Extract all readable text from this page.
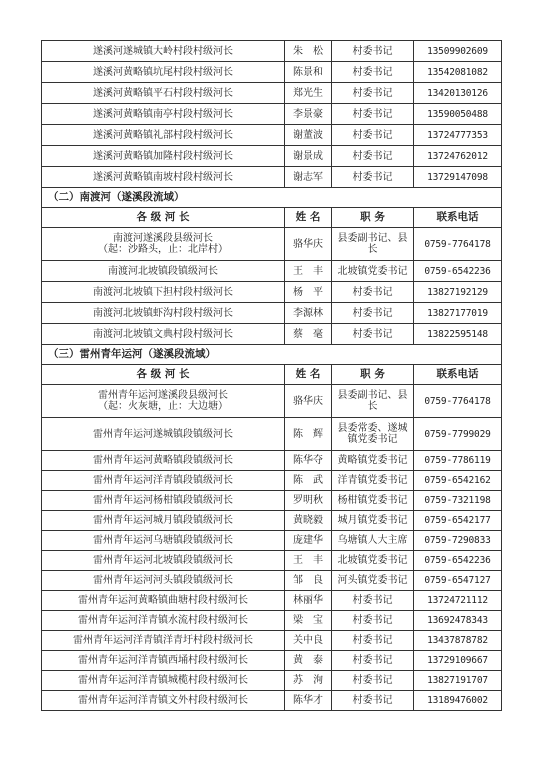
遂溪河遂城镇大岭村段村级河长	朱　松	村委书记	13509902609
遂溪河黄略镇坑尾村段村级河长	陈景和	村委书记	13542081082
遂溪河黄略镇平石村段村级河长	郑光生	村委书记	13420130126
遂溪河黄略镇南亭村段村级河长	李景豪	村委书记	13590050488
遂溪河黄略镇礼部村段村级河长	谢董波	村委书记	13724777353
遂溪河黄略镇加隆村段村级河长	谢景成	村委书记	13724762012
遂溪河黄略镇南坡村段村级河长	谢志军	村委书记	13729147098
（二）南渡河（遂溪段流域）			
各 级 河 长	姓 名	职 务	联系电话
南渡河遂溪段县级河长
（起：沙路头，止：北岸村）	骆华庆	县委副书记、县长	0759-7764178
南渡河北坡镇段镇级河长	王　丰	北坡镇党委书记	0759-6542236
南渡河北坡镇下担村段村级河长	杨　平	村委书记	13827192129
南渡河北坡镇虾沟村段村级河长	李源林	村委书记	13827177019
南渡河北坡镇文典村段村级河长	蔡　毫	村委书记	13822595148
（三）雷州青年运河（遂溪段流域）			
各 级 河 长	姓 名	职 务	联系电话
雷州青年运河遂溪段县级河长
（起：火灰塘，止：大边塘）	骆华庆	县委副书记、县长	0759-7764178
雷州青年运河遂城镇段镇级河长	陈　辉	县委常委、遂城镇党委书记	0759-7799029
雷州青年运河黄略镇段镇级河长	陈华夺	黄略镇党委书记	0759-7786119
雷州青年运河洋青镇段镇级河长	陈　武	洋青镇党委书记	0759-6542162
雷州青年运河杨柑镇段镇级河长	罗明秋	杨柑镇党委书记	0759-7321198
雷州青年运河城月镇段镇级河长	黄晓毅	城月镇党委书记	0759-6542177
雷州青年运河乌塘镇段镇级河长	庞建华	乌塘镇人大主席	0759-7290833
雷州青年运河北坡镇段镇级河长	王　丰	北坡镇党委书记	0759-6542236
雷州青年运河河头镇段镇级河长	邹　良	河头镇党委书记	0759-6547127
雷州青年运河黄略镇曲塘村段村级河长	林丽华	村委书记	13724721112
雷州青年运河洋青镇水流村段村级河长	梁　宝	村委书记	13692478343
雷州青年运河洋青镇洋青圩村段村级河长	关中良	村委书记	13437878782
雷州青年运河洋青镇西埇村段村级河长	黄　泰	村委书记	13729109667
雷州青年运河洋青镇城榄村段村级河长	苏　洵	村委书记	13827191707
雷州青年运河洋青镇文外村段村级河长	陈华才	村委书记	13189476002
